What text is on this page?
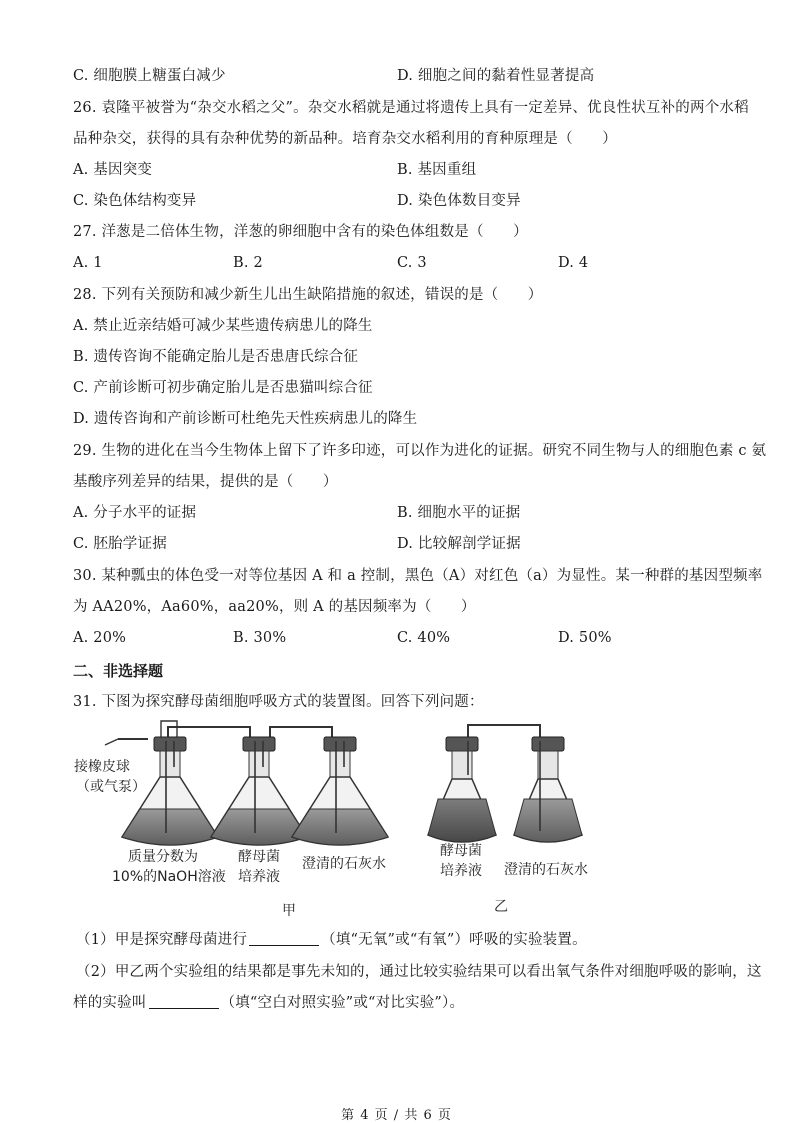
C. 细胞膜上糖蛋白减少	D. 细胞之间的黏着性显著提高
26. 袁隆平被誉为“杂交水稻之父”。杂交水稻就是通过将遗传上具有一定差异、优良性状互补的两个水稻
品种杂交，获得的具有杂种优势的新品种。培育杂交水稻利用的育种原理是（　　）
A. 基因突变	B. 基因重组
C. 染色体结构变异	D. 染色体数目变异
27. 洋葱是二倍体生物，洋葱的卵细胞中含有的染色体组数是（　　）
A. 1	B. 2	C. 3	D. 4
28. 下列有关预防和减少新生儿出生缺陷措施的叙述，错误的是（　　）
A. 禁止近亲结婚可减少某些遗传病患儿的降生
B. 遗传咨询不能确定胎儿是否患唐氏综合征
C. 产前诊断可初步确定胎儿是否患猫叫综合征
D. 遗传咨询和产前诊断可杜绝先天性疾病患儿的降生
29. 生物的进化在当今生物体上留下了许多印迹，可以作为进化的证据。研究不同生物与人的细胞色素 c 氨
基酸序列差异的结果，提供的是（　　）
A. 分子水平的证据	B. 细胞水平的证据
C. 胚胎学证据	D. 比较解剖学证据
30. 某种瓢虫的体色受一对等位基因 A 和 a 控制，黑色（A）对红色（a）为显性。某一种群的基因型频率
为 AA20%，Aa60%，aa20%，则 A 的基因频率为（　　）
A. 20%	B. 30%	C. 40%	D. 50%
二、非选择题
31. 下图为探究酵母菌细胞呼吸方式的装置图。回答下列问题：
接橡皮球
（或气泵）
质量分数为
10%的NaOH溶液
酵母菌
培养液
澄清的石灰水
酵母菌
培养液 澄清的石灰水
甲	乙
（1）甲是探究酵母菌进行	（填“无氧”或“有氧”）呼吸的实验装置。
（2）甲乙两个实验组的结果都是事先未知的，通过比较实验结果可以看出氧气条件对细胞呼吸的影响，这
样的实验叫	（填“空白对照实验”或“对比实验”）。
第 4 页 / 共 6 页
